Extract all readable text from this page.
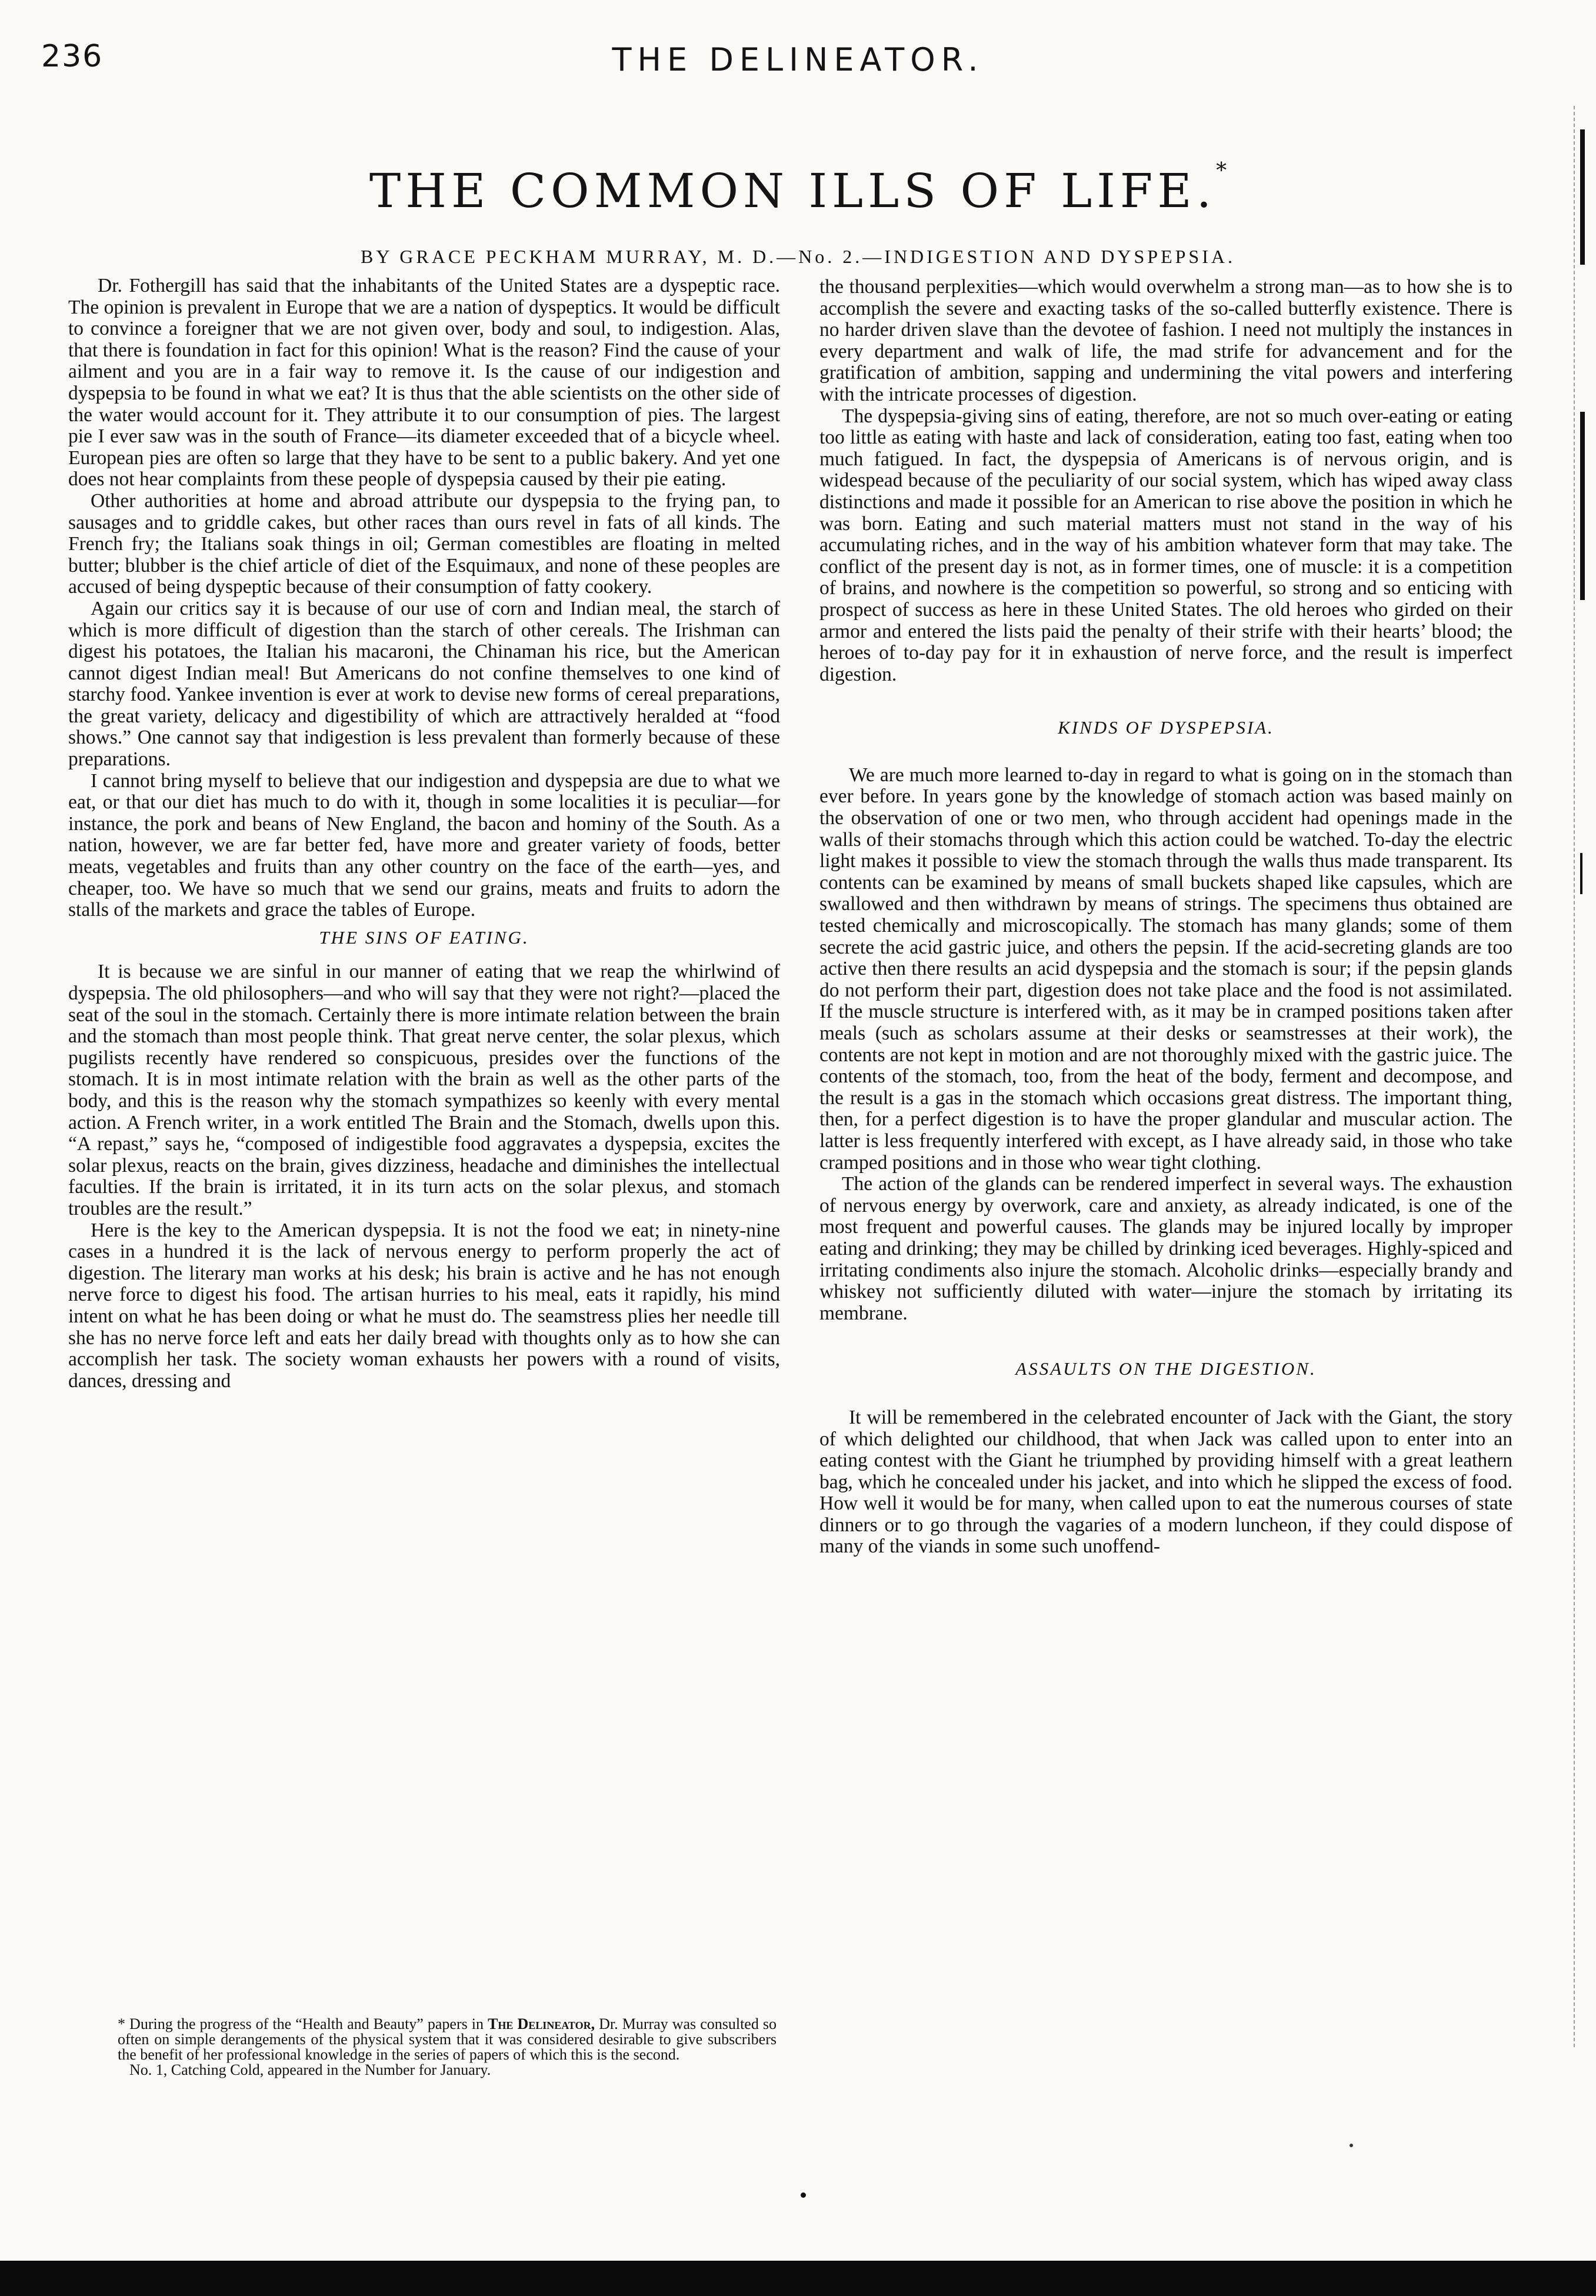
236	THE DELINEATOR.
THE COMMON ILLS OF LIFE.*
BY GRACE PECKHAM MURRAY, M. D.—No. 2.—INDIGESTION AND DYSPEPSIA.

Dr. Fothergill has said that the inhabitants of the United States are a dyspeptic race. The opinion is prevalent in Europe that we are a nation of dyspeptics. It would be difficult to convince a foreigner that we are not given over, body and soul, to indigestion. Alas, that there is foundation in fact for this opinion! What is the reason? Find the cause of your ailment and you are in a fair way to remove it. Is the cause of our indigestion and dyspepsia to be found in what we eat? It is thus that the able scientists on the other side of the water would account for it. They attribute it to our consumption of pies. The largest pie I ever saw was in the south of France—its diameter exceeded that of a bicycle wheel. European pies are often so large that they have to be sent to a public bakery. And yet one does not hear complaints from these people of dyspepsia caused by their pie eating.

Other authorities at home and abroad attribute our dyspepsia to the frying pan, to sausages and to griddle cakes, but other races than ours revel in fats of all kinds. The French fry; the Italians soak things in oil; German comestibles are floating in melted butter; blubber is the chief article of diet of the Esquimaux, and none of these peoples are accused of being dyspeptic because of their consumption of fatty cookery.

Again our critics say it is because of our use of corn and Indian meal, the starch of which is more difficult of digestion than the starch of other cereals. The Irishman can digest his potatoes, the Italian his macaroni, the Chinaman his rice, but the American cannot digest Indian meal! But Americans do not confine themselves to one kind of starchy food. Yankee invention is ever at work to devise new forms of cereal preparations, the great variety, delicacy and digestibility of which are attractively heralded at “food shows.” One cannot say that indigestion is less prevalent than formerly because of these preparations.

I cannot bring myself to believe that our indigestion and dyspepsia are due to what we eat, or that our diet has much to do with it, though in some localities it is peculiar—for instance, the pork and beans of New England, the bacon and hominy of the South. As a nation, however, we are far better fed, have more and greater variety of foods, better meats, vegetables and fruits than any other country on the face of the earth—yes, and cheaper, too. We have so much that we send our grains, meats and fruits to adorn the stalls of the markets and grace the tables of Europe.

THE SINS OF EATING.

It is because we are sinful in our manner of eating that we reap the whirlwind of dyspepsia. The old philosophers—and who will say that they were not right?—placed the seat of the soul in the stomach. Certainly there is more intimate relation between the brain and the stomach than most people think. That great nerve center, the solar plexus, which pugilists recently have rendered so conspicuous, presides over the functions of the stomach. It is in most intimate relation with the brain as well as the other parts of the body, and this is the reason why the stomach sympathizes so keenly with every mental action. A French writer, in a work entitled The Brain and the Stomach, dwells upon this. “A repast,” says he, “composed of indigestible food aggravates a dyspepsia, excites the solar plexus, reacts on the brain, gives dizziness, headache and diminishes the intellectual faculties. If the brain is irritated, it in its turn acts on the solar plexus, and stomach troubles are the result.”

Here is the key to the American dyspepsia. It is not the food we eat; in ninety-nine cases in a hundred it is the lack of nervous energy to perform properly the act of digestion. The literary man works at his desk; his brain is active and he has not enough nerve force to digest his food. The artisan hurries to his meal, eats it rapidly, his mind intent on what he has been doing or what he must do. The seamstress plies her needle till she has no nerve force left and eats her daily bread with thoughts only as to how she can accomplish her task. The society woman exhausts her powers with a round of visits, dances, dressing and

* During the progress of the “Health and Beauty” papers in The Delineator, Dr. Murray was consulted so often on simple derangements of the physical system that it was considered desirable to give subscribers the benefit of her professional knowledge in the series of papers of which this is the second.

No. 1, Catching Cold, appeared in the Number for January.

the thousand perplexities—which would overwhelm a strong man—as to how she is to accomplish the severe and exacting tasks of the so-called butterfly existence. There is no harder driven slave than the devotee of fashion. I need not multiply the instances in every department and walk of life, the mad strife for advancement and for the gratification of ambition, sapping and undermining the vital powers and interfering with the intricate processes of digestion.

The dyspepsia-giving sins of eating, therefore, are not so much over-eating or eating too little as eating with haste and lack of consideration, eating too fast, eating when too much fatigued. In fact, the dyspepsia of Americans is of nervous origin, and is widespead because of the peculiarity of our social system, which has wiped away class distinctions and made it possible for an American to rise above the position in which he was born. Eating and such material matters must not stand in the way of his accumulating riches, and in the way of his ambition whatever form that may take. The conflict of the present day is not, as in former times, one of muscle: it is a competition of brains, and nowhere is the competition so powerful, so strong and so enticing with prospect of success as here in these United States. The old heroes who girded on their armor and entered the lists paid the penalty of their strife with their hearts’ blood; the heroes of to-day pay for it in exhaustion of nerve force, and the result is imperfect digestion.

KINDS OF DYSPEPSIA.

We are much more learned to-day in regard to what is going on in the stomach than ever before. In years gone by the knowledge of stomach action was based mainly on the observation of one or two men, who through accident had openings made in the walls of their stomachs through which this action could be watched. To-day the electric light makes it possible to view the stomach through the walls thus made transparent. Its contents can be examined by means of small buckets shaped like capsules, which are swallowed and then withdrawn by means of strings. The specimens thus obtained are tested chemically and microscopically. The stomach has many glands; some of them secrete the acid gastric juice, and others the pepsin. If the acid-secreting glands are too active then there results an acid dyspepsia and the stomach is sour; if the pepsin glands do not perform their part, digestion does not take place and the food is not assimilated. If the muscle structure is interfered with, as it may be in cramped positions taken after meals (such as scholars assume at their desks or seamstresses at their work), the contents are not kept in motion and are not thoroughly mixed with the gastric juice. The contents of the stomach, too, from the heat of the body, ferment and decompose, and the result is a gas in the stomach which occasions great distress. The important thing, then, for a perfect digestion is to have the proper glandular and muscular action. The latter is less frequently interfered with except, as I have already said, in those who take cramped positions and in those who wear tight clothing.

The action of the glands can be rendered imperfect in several ways. The exhaustion of nervous energy by overwork, care and anxiety, as already indicated, is one of the most frequent and powerful causes. The glands may be injured locally by improper eating and drinking; they may be chilled by drinking iced beverages. Highly-spiced and irritating condiments also injure the stomach. Alcoholic drinks—especially brandy and whiskey not sufficiently diluted with water—injure the stomach by irritating its membrane.

ASSAULTS ON THE DIGESTION.

It will be remembered in the celebrated encounter of Jack with the Giant, the story of which delighted our childhood, that when Jack was called upon to enter into an eating contest with the Giant he triumphed by providing himself with a great leathern bag, which he concealed under his jacket, and into which he slipped the excess of food. How well it would be for many, when called upon to eat the numerous courses of state dinners or to go through the vagaries of a modern luncheon, if they could dispose of many of the viands in some such unoffend-
